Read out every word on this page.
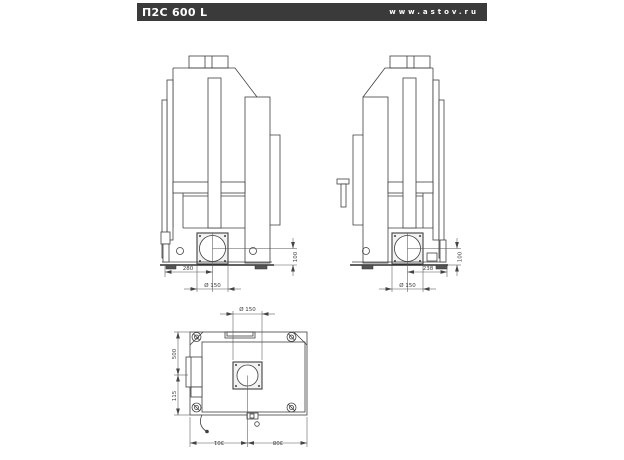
П2С 600 L	www.astov.ru
100
280
Ø 150
100
238
Ø 150
Ø 150
500
115
301	308
